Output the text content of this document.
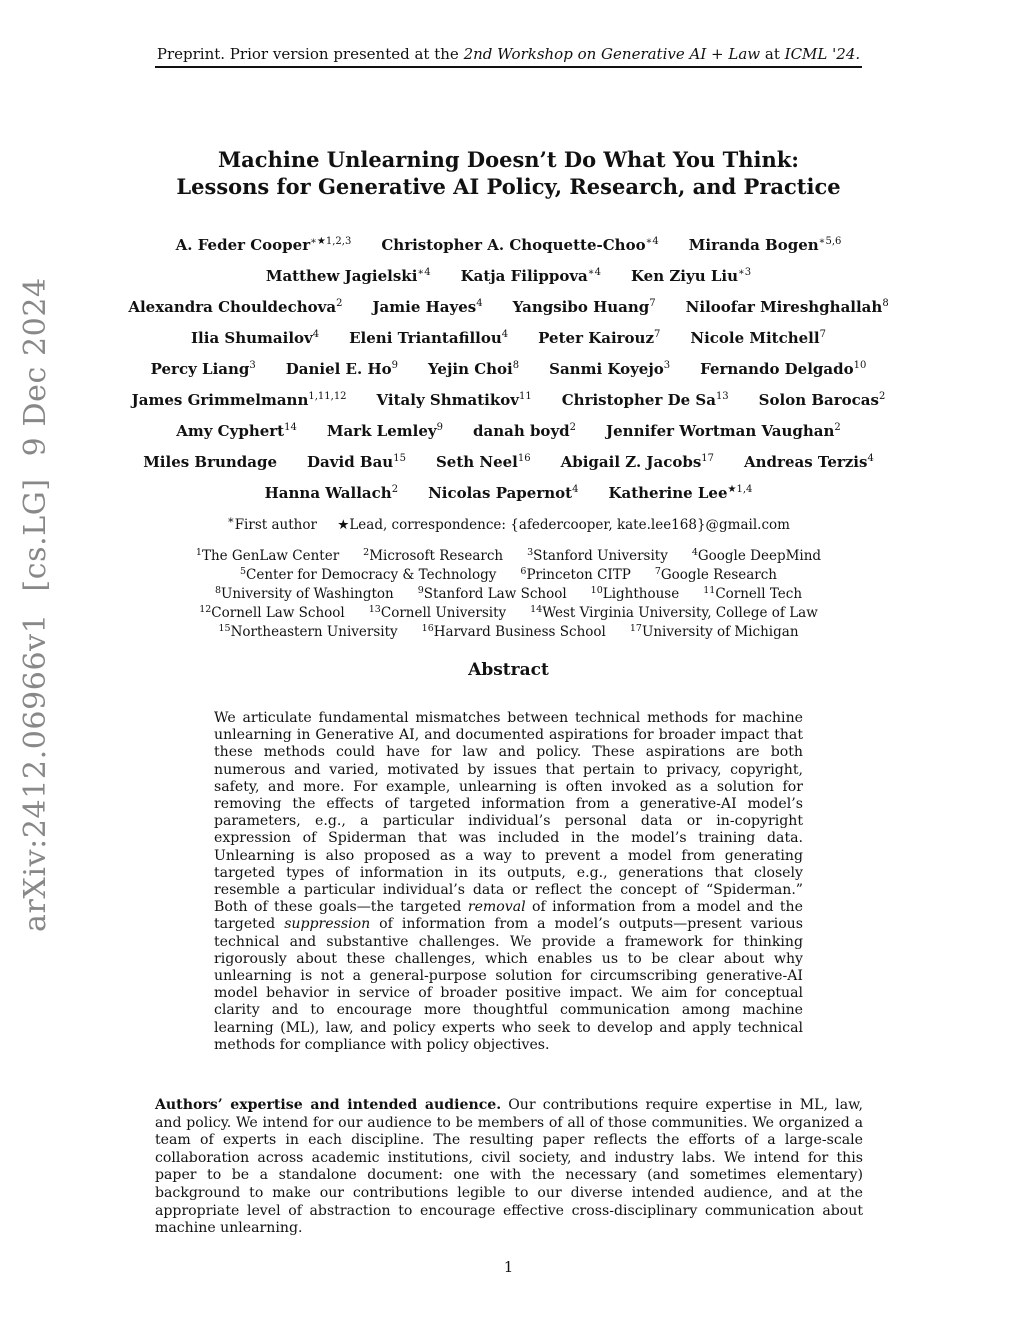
Preprint. Prior version presented at the 2nd Workshop on Generative AI + Law at ICML '24.
arXiv:2412.06966v1[cs.LG]9 Dec 2024
Machine Unlearning Doesn’t Do What You Think:
Lessons for Generative AI Policy, Research, and Practice
A. Feder Cooper$^{∗★1,2,3}$ Christopher A. Choquette-Choo$^{∗4}$ Miranda Bogen$^{∗5,6}$
Matthew Jagielski$^{∗4}$ Katja Filippova$^{∗4}$ Ken Ziyu Liu$^{∗3}$
Alexandra Chouldechova$^2$ Jamie Hayes$^4$ Yangsibo Huang$^7$ Niloofar Mireshghallah$^8$
Ilia Shumailov$^4$ Eleni Triantafillou$^4$ Peter Kairouz$^7$ Nicole Mitchell$^7$
Percy Liang$^3$ Daniel E. Ho$^9$ Yejin Choi$^8$ Sanmi Koyejo$^3$ Fernando Delgado$^{10}$
James Grimmelmann$^{1,11,12}$ Vitaly Shmatikov$^{11}$ Christopher De Sa$^{13}$ Solon Barocas$^2$
Amy Cyphert$^{14}$ Mark Lemley$^9$ danah boyd$^2$ Jennifer Wortman Vaughan$^2$
Miles Brundage David Bau$^{15}$ Seth Neel$^{16}$ Abigail Z. Jacobs$^{17}$ Andreas Terzis$^4$
Hanna Wallach$^2$ Nicolas Papernot$^4$ Katherine Lee$^{★1,4}$
∗First author ★Lead, correspondence: {afedercooper, kate.lee168}@gmail.com
$^1$The GenLaw Center	$^2$Microsoft Research	$^3$Stanford University	$^4$Google DeepMind
$^5$Center for Democracy & Technology	$^6$Princeton CITP	$^7$Google Research
$^8$University of Washington	$^9$Stanford Law School	$^{10}$Lighthouse	$^{11}$Cornell Tech
$^{12}$Cornell Law School	$^{13}$Cornell University	$^{14}$West Virginia University, College of Law
$^{15}$Northeastern University	$^{16}$Harvard Business School	$^{17}$University of Michigan
Abstract
We articulate fundamental mismatches between technical methods for machine unlearning in Generative AI, and documented aspirations for broader impact that these methods could have for law and policy. These aspirations are both numerous and varied, motivated by issues that pertain to privacy, copyright, safety, and more. For example, unlearning is often invoked as a solution for removing the effects of targeted information from a generative-AI model’s parameters, e.g., a particular individual’s personal data or in-copyright expression of Spiderman that was included in the model’s training data. Unlearning is also proposed as a way to prevent a model from generating targeted types of information in its outputs, e.g., generations that closely resemble a particular individual’s data or reflect the concept of “Spiderman.” Both of these goals—the targeted removal of information from a model and the targeted suppression of information from a model’s outputs—present various technical and substantive challenges. We provide a framework for thinking rigorously about these challenges, which enables us to be clear about why unlearning is not a general-purpose solution for circumscribing generative-AI model behavior in service of broader positive impact. We aim for conceptual clarity and to encourage more thoughtful communication among machine learning (ML), law, and policy experts who seek to develop and apply technical methods for compliance with policy objectives.
Authors’ expertise and intended audience. Our contributions require expertise in ML, law, and policy. We intend for our audience to be members of all of those communities. We organized a team of experts in each discipline. The resulting paper reflects the efforts of a large-scale collaboration across academic institutions, civil society, and industry labs. We intend for this paper to be a standalone document: one with the necessary (and sometimes elementary) background to make our contributions legible to our diverse intended audience, and at the appropriate level of abstraction to encourage effective cross-disciplinary communication about machine unlearning.
1
